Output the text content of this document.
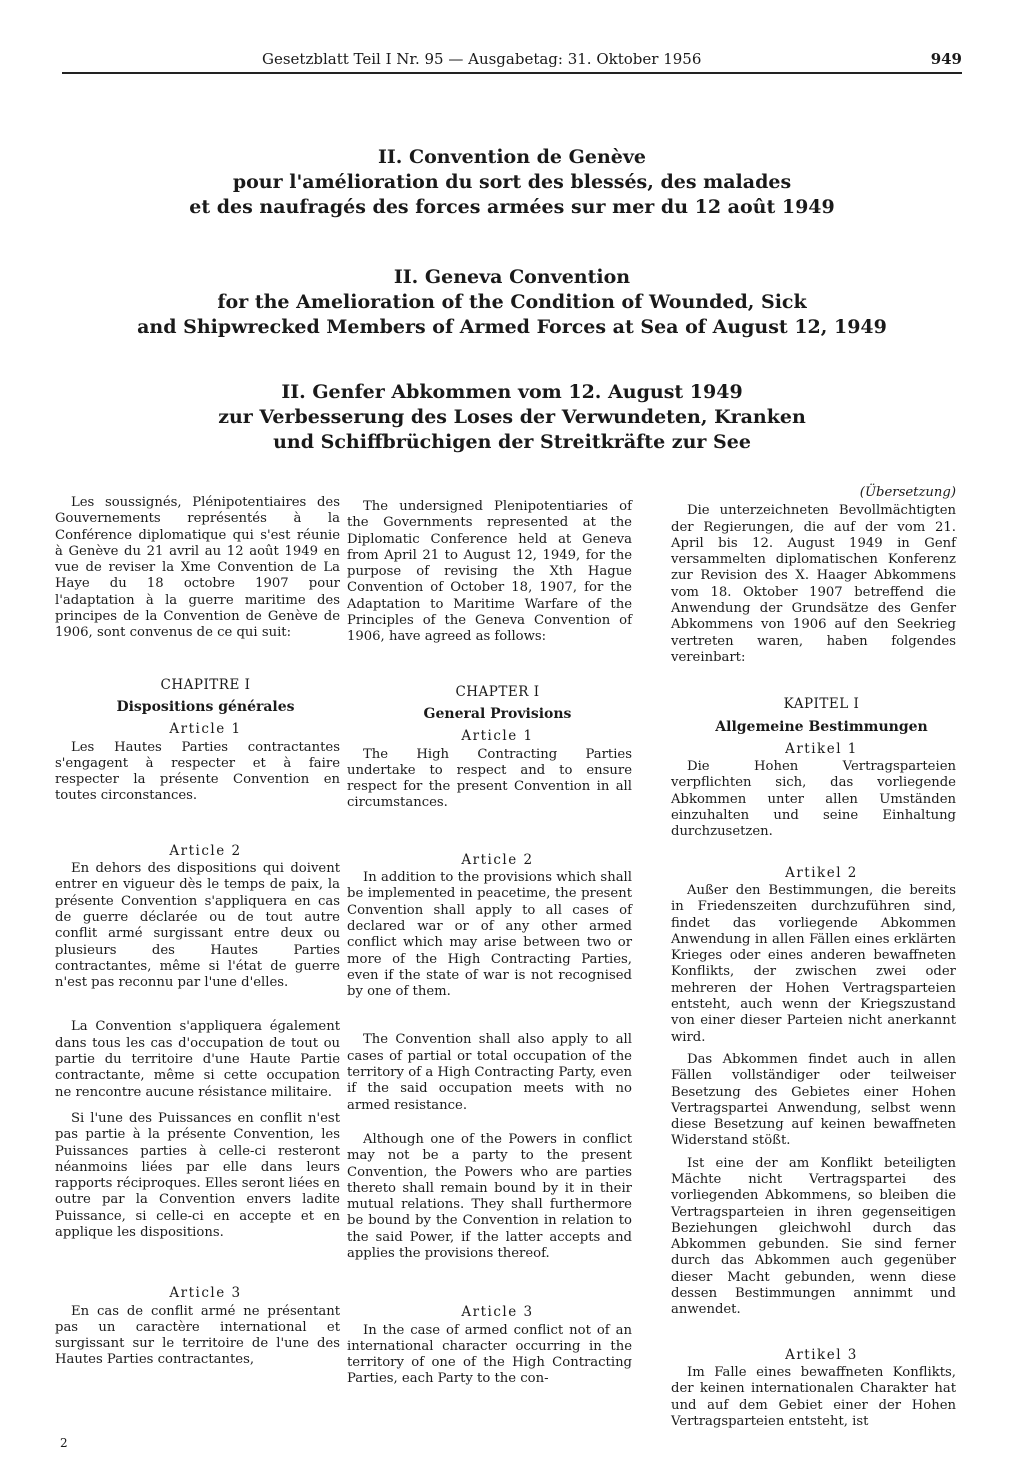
Gesetzblatt Teil I Nr. 95 — Ausgabetag: 31. Oktober 1956	949
II. Convention de Genève
pour l'amélioration du sort des blessés, des malades
et des naufragés des forces armées sur mer du 12 août 1949
II. Geneva Convention
for the Amelioration of the Condition of Wounded, Sick
and Shipwrecked Members of Armed Forces at Sea of August 12, 1949
II. Genfer Abkommen vom 12. August 1949
zur Verbesserung des Loses der Verwundeten, Kranken
und Schiffbrüchigen der Streitkräfte zur See

Les soussignés, Plénipotentiaires des Gouvernements représentés à la Conférence diplomatique qui s'est réunie à Genève du 21 avril au 12 août 1949 en vue de reviser la Xme Convention de La Haye du 18 octobre 1907 pour l'adaptation à la guerre maritime des principes de la Convention de Genève de 1906, sont convenus de ce qui suit:

CHAPITRE I

Dispositions générales

Article 1

Les Hautes Parties contractantes s'engagent à respecter et à faire respecter la présente Convention en toutes circonstances.

Article 2

En dehors des dispositions qui doivent entrer en vigueur dès le temps de paix, la présente Convention s'appliquera en cas de guerre déclarée ou de tout autre conflit armé surgissant entre deux ou plusieurs des Hautes Parties contractantes, même si l'état de guerre n'est pas reconnu par l'une d'elles.

La Convention s'appliquera également dans tous les cas d'occupation de tout ou partie du territoire d'une Haute Partie contractante, même si cette occupation ne rencontre aucune résistance militaire.

Si l'une des Puissances en conflit n'est pas partie à la présente Convention, les Puissances parties à celle-ci resteront néanmoins liées par elle dans leurs rapports réciproques. Elles seront liées en outre par la Convention envers ladite Puissance, si celle-ci en accepte et en applique les dispositions.

Article 3

En cas de conflit armé ne présentant pas un caractère international et surgissant sur le territoire de l'une des Hautes Parties contractantes,

The undersigned Plenipotentiaries of the Governments represented at the Diplomatic Conference held at Geneva from April 21 to August 12, 1949, for the purpose of revising the Xth Hague Convention of October 18, 1907, for the Adaptation to Maritime Warfare of the Principles of the Geneva Convention of 1906, have agreed as follows:

CHAPTER I

General Provisions

Article 1

The High Contracting Parties undertake to respect and to ensure respect for the present Convention in all circumstances.

Article 2

In addition to the provisions which shall be implemented in peacetime, the present Convention shall apply to all cases of declared war or of any other armed conflict which may arise between two or more of the High Contracting Parties, even if the state of war is not recognised by one of them.

The Convention shall also apply to all cases of partial or total occupation of the territory of a High Contracting Party, even if the said occupation meets with no armed resistance.

Although one of the Powers in conflict may not be a party to the present Convention, the Powers who are parties thereto shall remain bound by it in their mutual relations. They shall furthermore be bound by the Convention in relation to the said Power, if the latter accepts and applies the provisions thereof.

Article 3

In the case of armed conflict not of an international character occurring in the territory of one of the High Contracting Parties, each Party to the con-

(Übersetzung)

Die unterzeichneten Bevollmächtigten der Regierungen, die auf der vom 21. April bis 12. August 1949 in Genf versammelten diplomatischen Konferenz zur Revision des X. Haager Abkommens vom 18. Oktober 1907 betreffend die Anwendung der Grundsätze des Genfer Abkommens von 1906 auf den Seekrieg vertreten waren, haben folgendes vereinbart:

KAPITEL I

Allgemeine Bestimmungen

Artikel 1

Die Hohen Vertragsparteien verpflichten sich, das vorliegende Abkommen unter allen Umständen einzuhalten und seine Einhaltung durchzusetzen.

Artikel 2

Außer den Bestimmungen, die bereits in Friedenszeiten durchzuführen sind, findet das vorliegende Abkommen Anwendung in allen Fällen eines erklärten Krieges oder eines anderen bewaffneten Konflikts, der zwischen zwei oder mehreren der Hohen Vertragsparteien entsteht, auch wenn der Kriegszustand von einer dieser Parteien nicht anerkannt wird.

Das Abkommen findet auch in allen Fällen vollständiger oder teilweiser Besetzung des Gebietes einer Hohen Vertragspartei Anwendung, selbst wenn diese Besetzung auf keinen bewaffneten Widerstand stößt.

Ist eine der am Konflikt beteiligten Mächte nicht Vertragspartei des vorliegenden Abkommens, so bleiben die Vertragsparteien in ihren gegenseitigen Beziehungen gleichwohl durch das Abkommen gebunden. Sie sind ferner durch das Abkommen auch gegenüber dieser Macht gebunden, wenn diese dessen Bestimmungen annimmt und anwendet.

Artikel 3

Im Falle eines bewaffneten Konflikts, der keinen internationalen Charakter hat und auf dem Gebiet einer der Hohen Vertragsparteien entsteht, ist

2
